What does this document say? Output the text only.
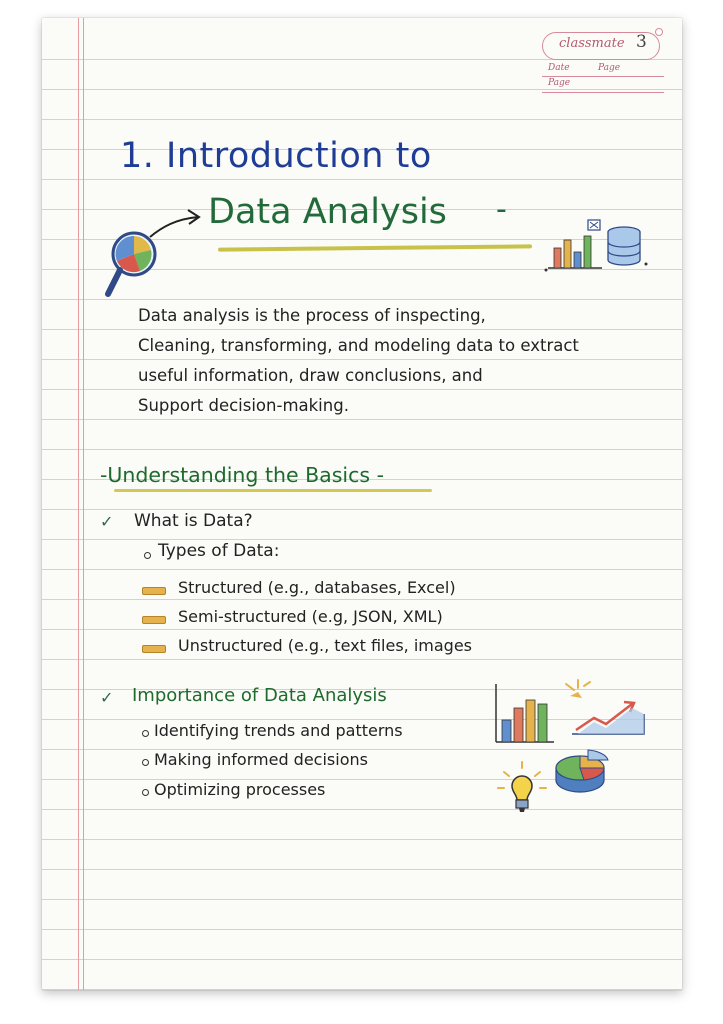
classmate 3
Date	Page
Page
1. Introduction to
Data Analysis -
Data analysis is the process of inspecting,
Cleaning, transforming, and modeling data to extract
useful information, draw conclusions, and
Support decision-making.
-Understanding the Basics -
✓ What is Data?
Types of Data:
Structured (e.g., databases, Excel)
Semi-structured (e.g, JSON, XML)
Unstructured (e.g., text files, images
✓ Importance of Data Analysis
Identifying trends and patterns
Making informed decisions
Optimizing processes
